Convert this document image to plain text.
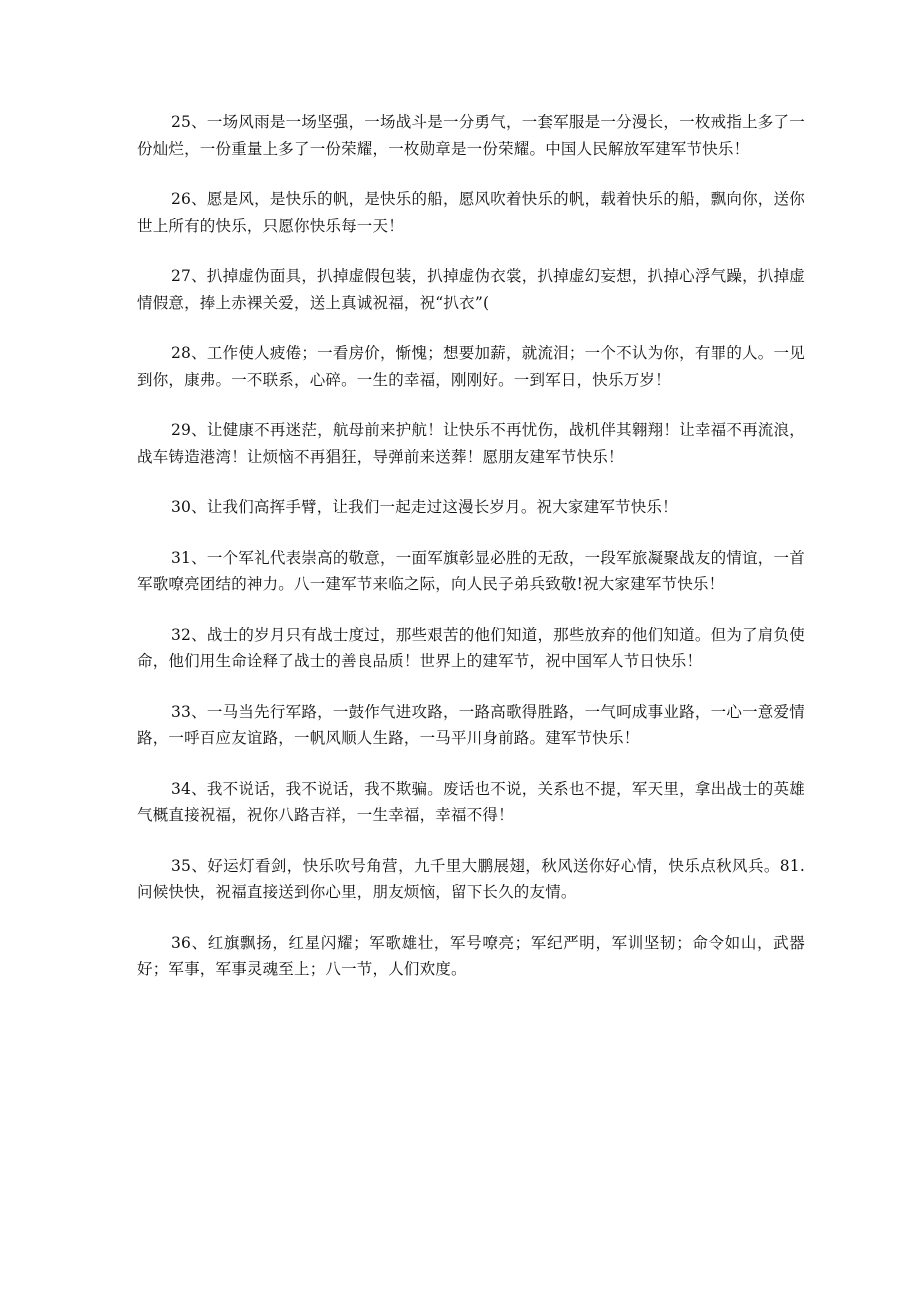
25、一场风雨是一场坚强，一场战斗是一分勇气，一套军服是一分漫长，一枚戒指上多了一份灿烂，一份重量上多了一份荣耀，一枚勋章是一份荣耀。中国人民解放军建军节快乐！

26、愿是风，是快乐的帆，是快乐的船，愿风吹着快乐的帆，载着快乐的船，飘向你，送你世上所有的快乐，只愿你快乐每一天！

27、扒掉虚伪面具，扒掉虚假包装，扒掉虚伪衣裳，扒掉虚幻妄想，扒掉心浮气躁，扒掉虚情假意，捧上赤裸关爱，送上真诚祝福，祝“扒衣”(

28、工作使人疲倦；一看房价，惭愧；想要加薪，就流泪；一个不认为你，有罪的人。一见到你，康弗。一不联系，心碎。一生的幸福，刚刚好。一到军日，快乐万岁！

29、让健康不再迷茫，航母前来护航！让快乐不再忧伤，战机伴其翱翔！让幸福不再流浪，战车铸造港湾！让烦恼不再猖狂，导弹前来送葬！愿朋友建军节快乐！

30、让我们高挥手臂，让我们一起走过这漫长岁月。祝大家建军节快乐！

31、一个军礼代表崇高的敬意，一面军旗彰显必胜的无敌，一段军旅凝聚战友的情谊，一首军歌嘹亮团结的神力。八一建军节来临之际，向人民子弟兵致敬!祝大家建军节快乐！

32、战士的岁月只有战士度过，那些艰苦的他们知道，那些放弃的他们知道。但为了肩负使命，他们用生命诠释了战士的善良品质！世界上的建军节，祝中国军人节日快乐！

33、一马当先行军路，一鼓作气进攻路，一路高歌得胜路，一气呵成事业路，一心一意爱情路，一呼百应友谊路，一帆风顺人生路，一马平川身前路。建军节快乐！

34、我不说话，我不说话，我不欺骗。废话也不说，关系也不提，军天里，拿出战士的英雄气概直接祝福，祝你八路吉祥，一生幸福，幸福不得！

35、好运灯看剑，快乐吹号角营，九千里大鹏展翅，秋风送你好心情，快乐点秋风兵。81.问候快快，祝福直接送到你心里，朋友烦恼，留下长久的友情。

36、红旗飘扬，红星闪耀；军歌雄壮，军号嘹亮；军纪严明，军训坚韧；命令如山，武器好；军事，军事灵魂至上；八一节，人们欢度。
